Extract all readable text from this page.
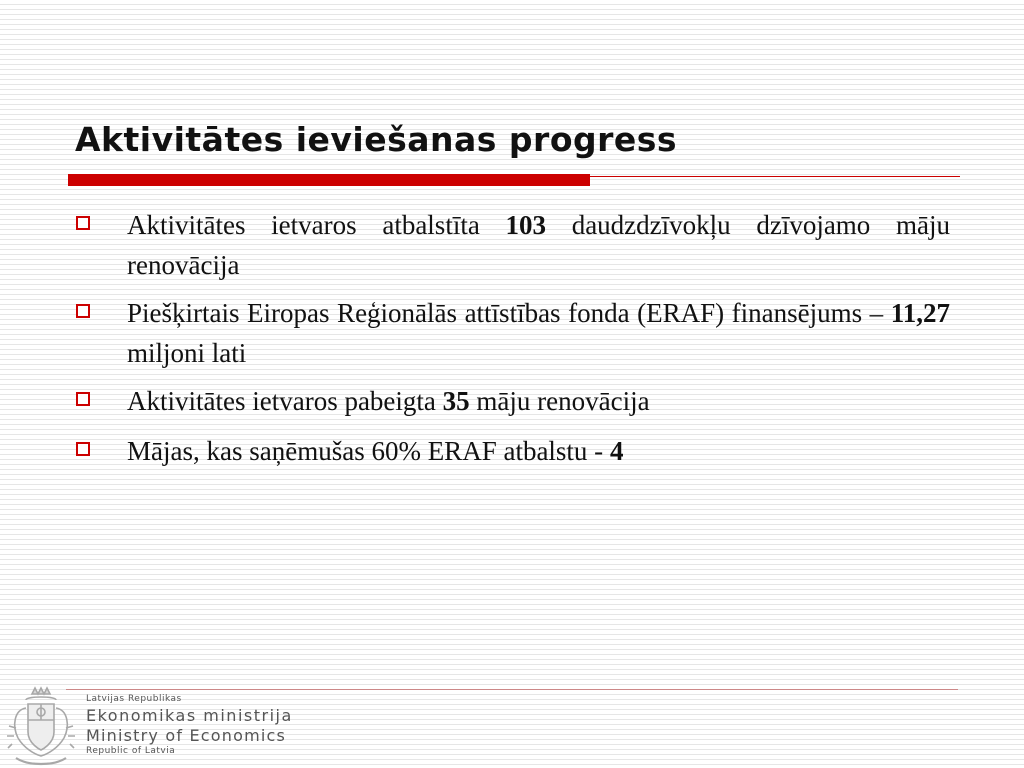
Aktivitātes ieviešanas progress
Aktivitātes ietvaros atbalstīta 103 daudzdzīvokļu dzīvojamo māju renovācija
Piešķirtais Eiropas Reģionālās attīstības fonda (ERAF) finansējums – 11,27 miljoni lati
Aktivitātes ietvaros pabeigta 35 māju renovācija
Mājas, kas saņēmušas 60% ERAF atbalstu - 4
Latvijas Republikas
Ekonomikas ministrija
Ministry of Economics
Republic of Latvia
